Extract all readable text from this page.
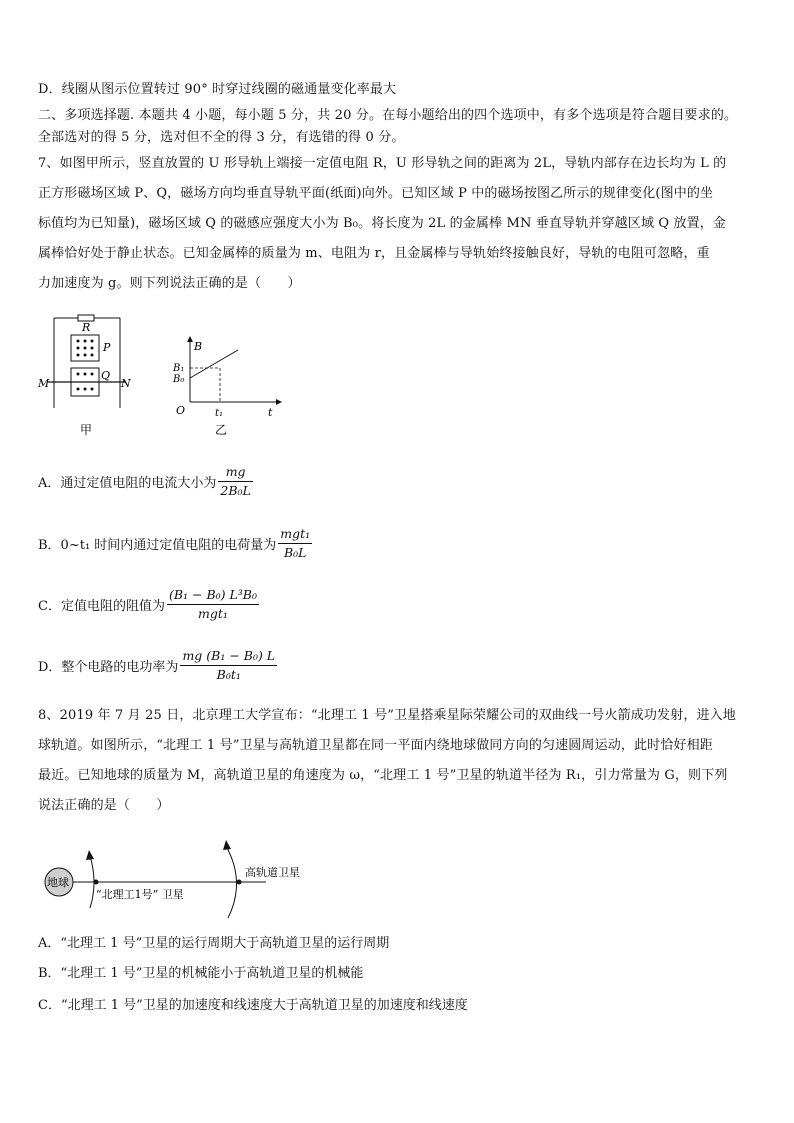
D．线圈从图示位置转过 90° 时穿过线圈的磁通量变化率最大
二、多项选择题. 本题共 4 小题，每小题 5 分，共 20 分。在每小题给出的四个选项中，有多个选项是符合题目要求的。
全部选对的得 5 分，选对但不全的得 3 分，有选错的得 0 分。
7、如图甲所示，竖直放置的 U 形导轨上端接一定值电阻 R，U 形导轨之间的距离为 2L，导轨内部存在边长均为 L 的
正方形磁场区域 P、Q，磁场方向均垂直导轨平面(纸面)向外。已知区域 P 中的磁场按图乙所示的规律变化(图中的坐
标值均为已知量)，磁场区域 Q 的磁感应强度大小为 B₀。将长度为 2L 的金属棒 MN 垂直导轨并穿越区域 Q 放置，金
属棒恰好处于静止状态。已知金属棒的质量为 m、电阻为 r，且金属棒与导轨始终接触良好，导轨的电阻可忽略，重
力加速度为 g。则下列说法正确的是（　　）
R
P
Q
M	N
甲
B
B₁
B₀
O	t₁	t
乙
A．通过定值电阻的电流大小为 $\frac{mg}{\text{2B₀L}}$
B．0~t₁ 时间内通过定值电阻的电荷量为 $\frac{\text{mgt₁}}{\text{B₀L}}$
C．定值电阻的阻值为 $\frac{\text{(B₁ − B₀) L³B₀}}{\text{mgt₁}}$
D．整个电路的电功率为 $\frac{\text{mg (B₁ − B₀) L}}{\text{B₀t₁}}$
8、2019 年 7 月 25 日，北京理工大学宣布：“北理工 1 号”卫星搭乘星际荣耀公司的双曲线一号火箭成功发射，进入地
球轨道。如图所示，“北理工 1 号”卫星与高轨道卫星都在同一平面内绕地球做同方向的匀速圆周运动，此时恰好相距
最近。已知地球的质量为 M，高轨道卫星的角速度为 ω，“北理工 1 号”卫星的轨道半径为 R₁，引力常量为 G，则下列
说法正确的是（　　）
地球
“北理工1号” 卫星
高轨道卫星
A．“北理工 1 号”卫星的运行周期大于高轨道卫星的运行周期
B．“北理工 1 号”卫星的机械能小于高轨道卫星的机械能
C．“北理工 1 号”卫星的加速度和线速度大于高轨道卫星的加速度和线速度
